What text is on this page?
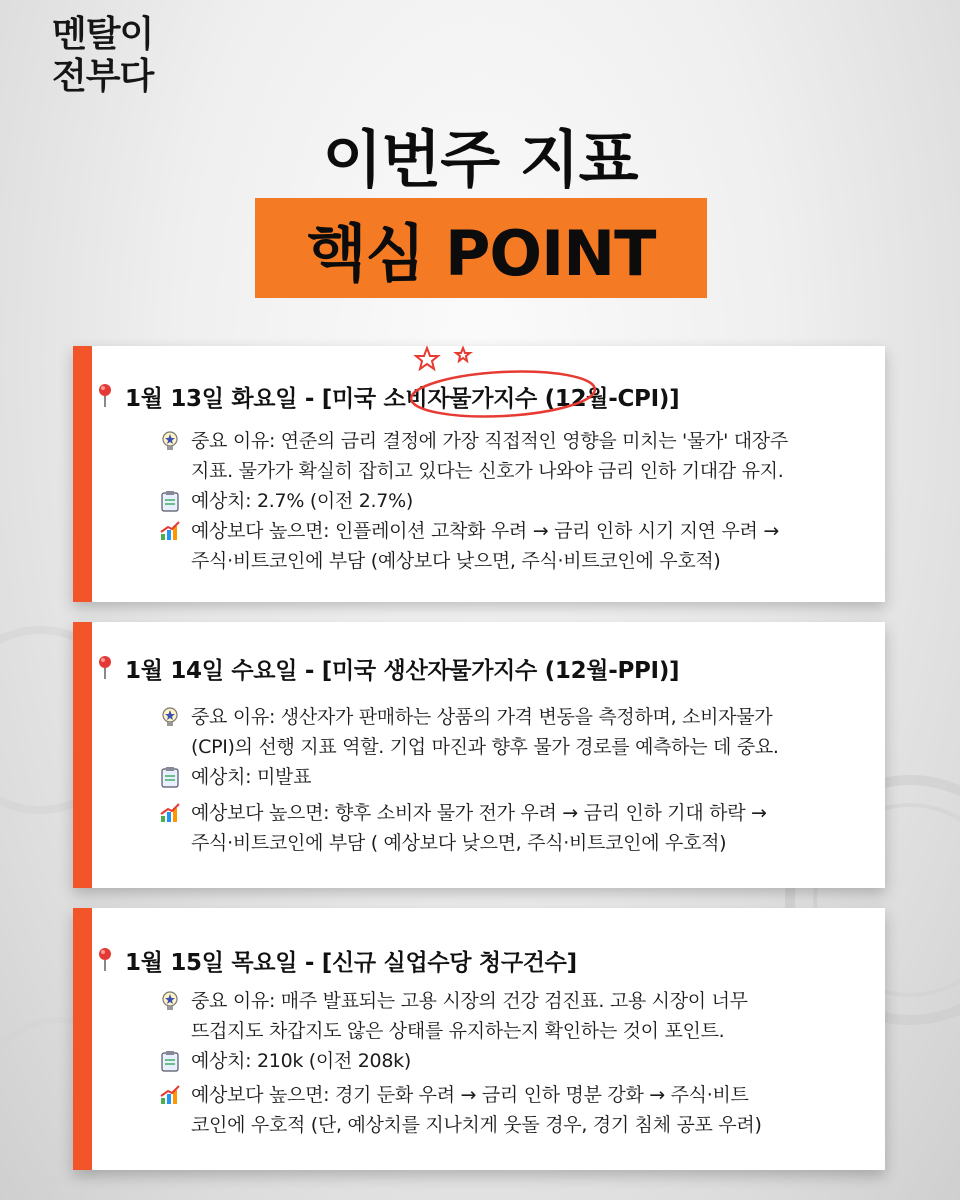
멘탈이
전부다
이번주 지표
핵심 POINT
1월 13일 화요일 - [미국 소비자물가지수 (12월-CPI)]
중요 이유: 연준의 금리 결정에 가장 직접적인 영향을 미치는 '물가' 대장주
지표. 물가가 확실히 잡히고 있다는 신호가 나와야 금리 인하 기대감 유지.
예상치: 2.7% (이전 2.7%)
예상보다 높으면: 인플레이션 고착화 우려 → 금리 인하 시기 지연 우려 →
주식·비트코인에 부담 (예상보다 낮으면, 주식·비트코인에 우호적)
1월 14일 수요일 - [미국 생산자물가지수 (12월-PPI)]
중요 이유: 생산자가 판매하는 상품의 가격 변동을 측정하며, 소비자물가
(CPI)의 선행 지표 역할. 기업 마진과 향후 물가 경로를 예측하는 데 중요.
예상치: 미발표
예상보다 높으면: 향후 소비자 물가 전가 우려 → 금리 인하 기대 하락 →
주식·비트코인에 부담 ( 예상보다 낮으면, 주식·비트코인에 우호적)
1월 15일 목요일 - [신규 실업수당 청구건수]
중요 이유: 매주 발표되는 고용 시장의 건강 검진표. 고용 시장이 너무
뜨겁지도 차갑지도 않은 상태를 유지하는지 확인하는 것이 포인트.
예상치: 210k (이전 208k)
예상보다 높으면: 경기 둔화 우려 → 금리 인하 명분 강화 → 주식·비트
코인에 우호적 (단, 예상치를 지나치게 웃돌 경우, 경기 침체 공포 우려)
